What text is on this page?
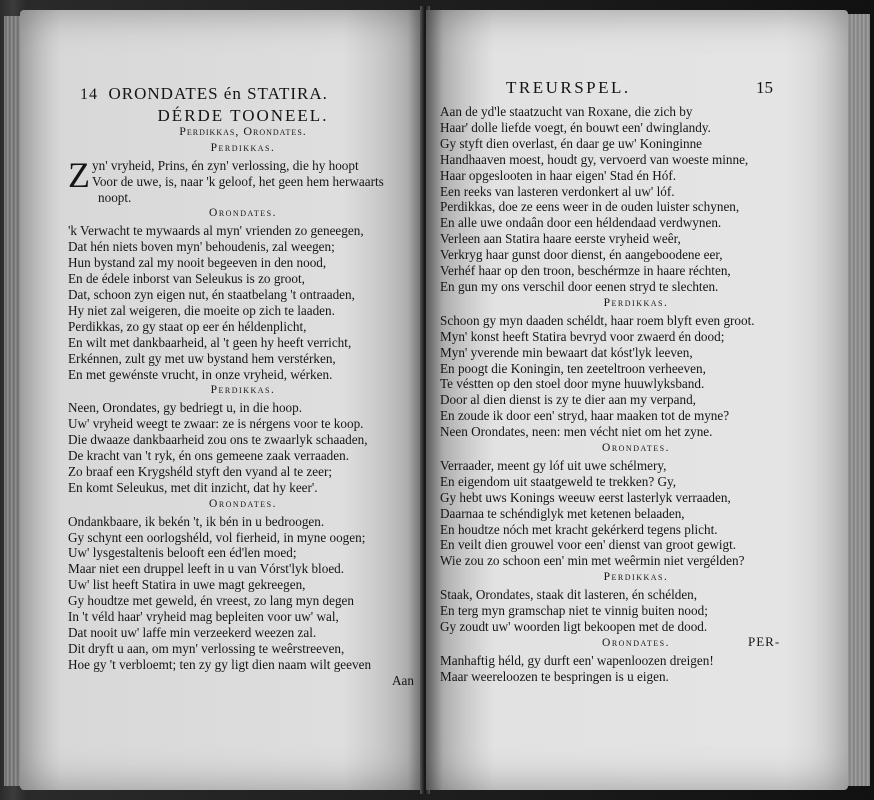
14 ORONDATES én STATIRA.
DÉRDE TOONEEL.
Perdikkas, Orondates.
Perdikkas.
Zyn' vryheid, Prins, én zyn' verlossing, die hy hoopt
Voor de uwe, is, naar 'k geloof, het geen hem herwaarts
noopt.
Orondates.
'k Verwacht te mywaards al myn' vrienden zo geneegen,
Dat hén niets boven myn' behoudenis, zal weegen;
Hun bystand zal my nooit begeeven in den nood,
En de édele inborst van Seleukus is zo groot,
Dat, schoon zyn eigen nut, én staatbelang 't ontraaden,
Hy niet zal weigeren, die moeite op zich te laaden.
Perdikkas, zo gy staat op eer én héldenplicht,
En wilt met dankbaarheid, al 't geen hy heeft verricht,
Erkénnen, zult gy met uw bystand hem verstérken,
En met gewénste vrucht, in onze vryheid, wérken.
Perdikkas.
Neen, Orondates, gy bedriegt u, in die hoop.
Uw' vryheid weegt te zwaar: ze is nérgens voor te koop.
Die dwaaze dankbaarheid zou ons te zwaarlyk schaaden,
De kracht van 't ryk, én ons gemeene zaak verraaden.
Zo braaf een Krygshéld styft den vyand al te zeer;
En komt Seleukus, met dit inzicht, dat hy keer'.
Orondates.
Ondankbaare, ik bekén 't, ik bén in u bedroogen.
Gy schynt een oorlogshéld, vol fierheid, in myne oogen;
Uw' lysgestaltenis belooft een éd'len moed;
Maar niet een druppel leeft in u van Vórst'lyk bloed.
Uw' list heeft Statira in uwe magt gekreegen,
Gy houdtze met geweld, én vreest, zo lang myn degen
In 't véld haar' vryheid mag bepleiten voor uw' wal,
Dat nooit uw' laffe min verzeekerd weezen zal.
Dit dryft u aan, om myn' verlossing te weêrstreeven,
Hoe gy 't verbloemt; ten zy gy ligt dien naam wilt geeven
Aan
TREURSPEL.	15
Aan de yd'le staatzucht van Roxane, die zich by
Haar' dolle liefde voegt, én bouwt een' dwinglandy.
Gy styft dien overlast, én daar ge uw' Koninginne
Handhaaven moest, houdt gy, vervoerd van woeste minne,
Haar opgeslooten in haar eigen' Stad én Hóf.
Een reeks van lasteren verdonkert al uw' lóf.
Perdikkas, doe ze eens weer in de ouden luister schynen,
En alle uwe ondaân door een héldendaad verdwynen.
Verleen aan Statira haare eerste vryheid weêr,
Verkryg haar gunst door dienst, én aangeboodene eer,
Verhéf haar op den troon, beschérmze in haare réchten,
En gun my ons verschil door eenen stryd te slechten.
Perdikkas.
Schoon gy myn daaden schéldt, haar roem blyft even groot.
Myn' konst heeft Statira bevryd voor zwaerd én dood;
Myn' yverende min bewaart dat kóst'lyk leeven,
En poogt die Koningin, ten zeeteltroon verheeven,
Te véstten op den stoel door myne huuwlyksband.
Door al dien dienst is zy te dier aan my verpand,
En zoude ik door een' stryd, haar maaken tot de myne?
Neen Orondates, neen: men vécht niet om het zyne.
Orondates.
Verraader, meent gy lóf uit uwe schélmery,
En eigendom uit staatgeweld te trekken? Gy,
Gy hebt uws Konings weeuw eerst lasterlyk verraaden,
Daarnaa te schéndiglyk met ketenen belaaden,
En houdtze nóch met kracht gekérkerd tegens plicht.
En veilt dien grouwel voor een' dienst van groot gewigt.
Wie zou zo schoon een' min met weêrmin niet vergélden?
Perdikkas.
Staak, Orondates, staak dit lasteren, én schélden,
En terg myn gramschap niet te vinnig buiten nood;
Gy zoudt uw' woorden ligt bekoopen met de dood.
Orondates.
Manhaftig héld, gy durft een' wapenloozen dreigen!
Maar weereloozen te bespringen is u eigen.
PER-
